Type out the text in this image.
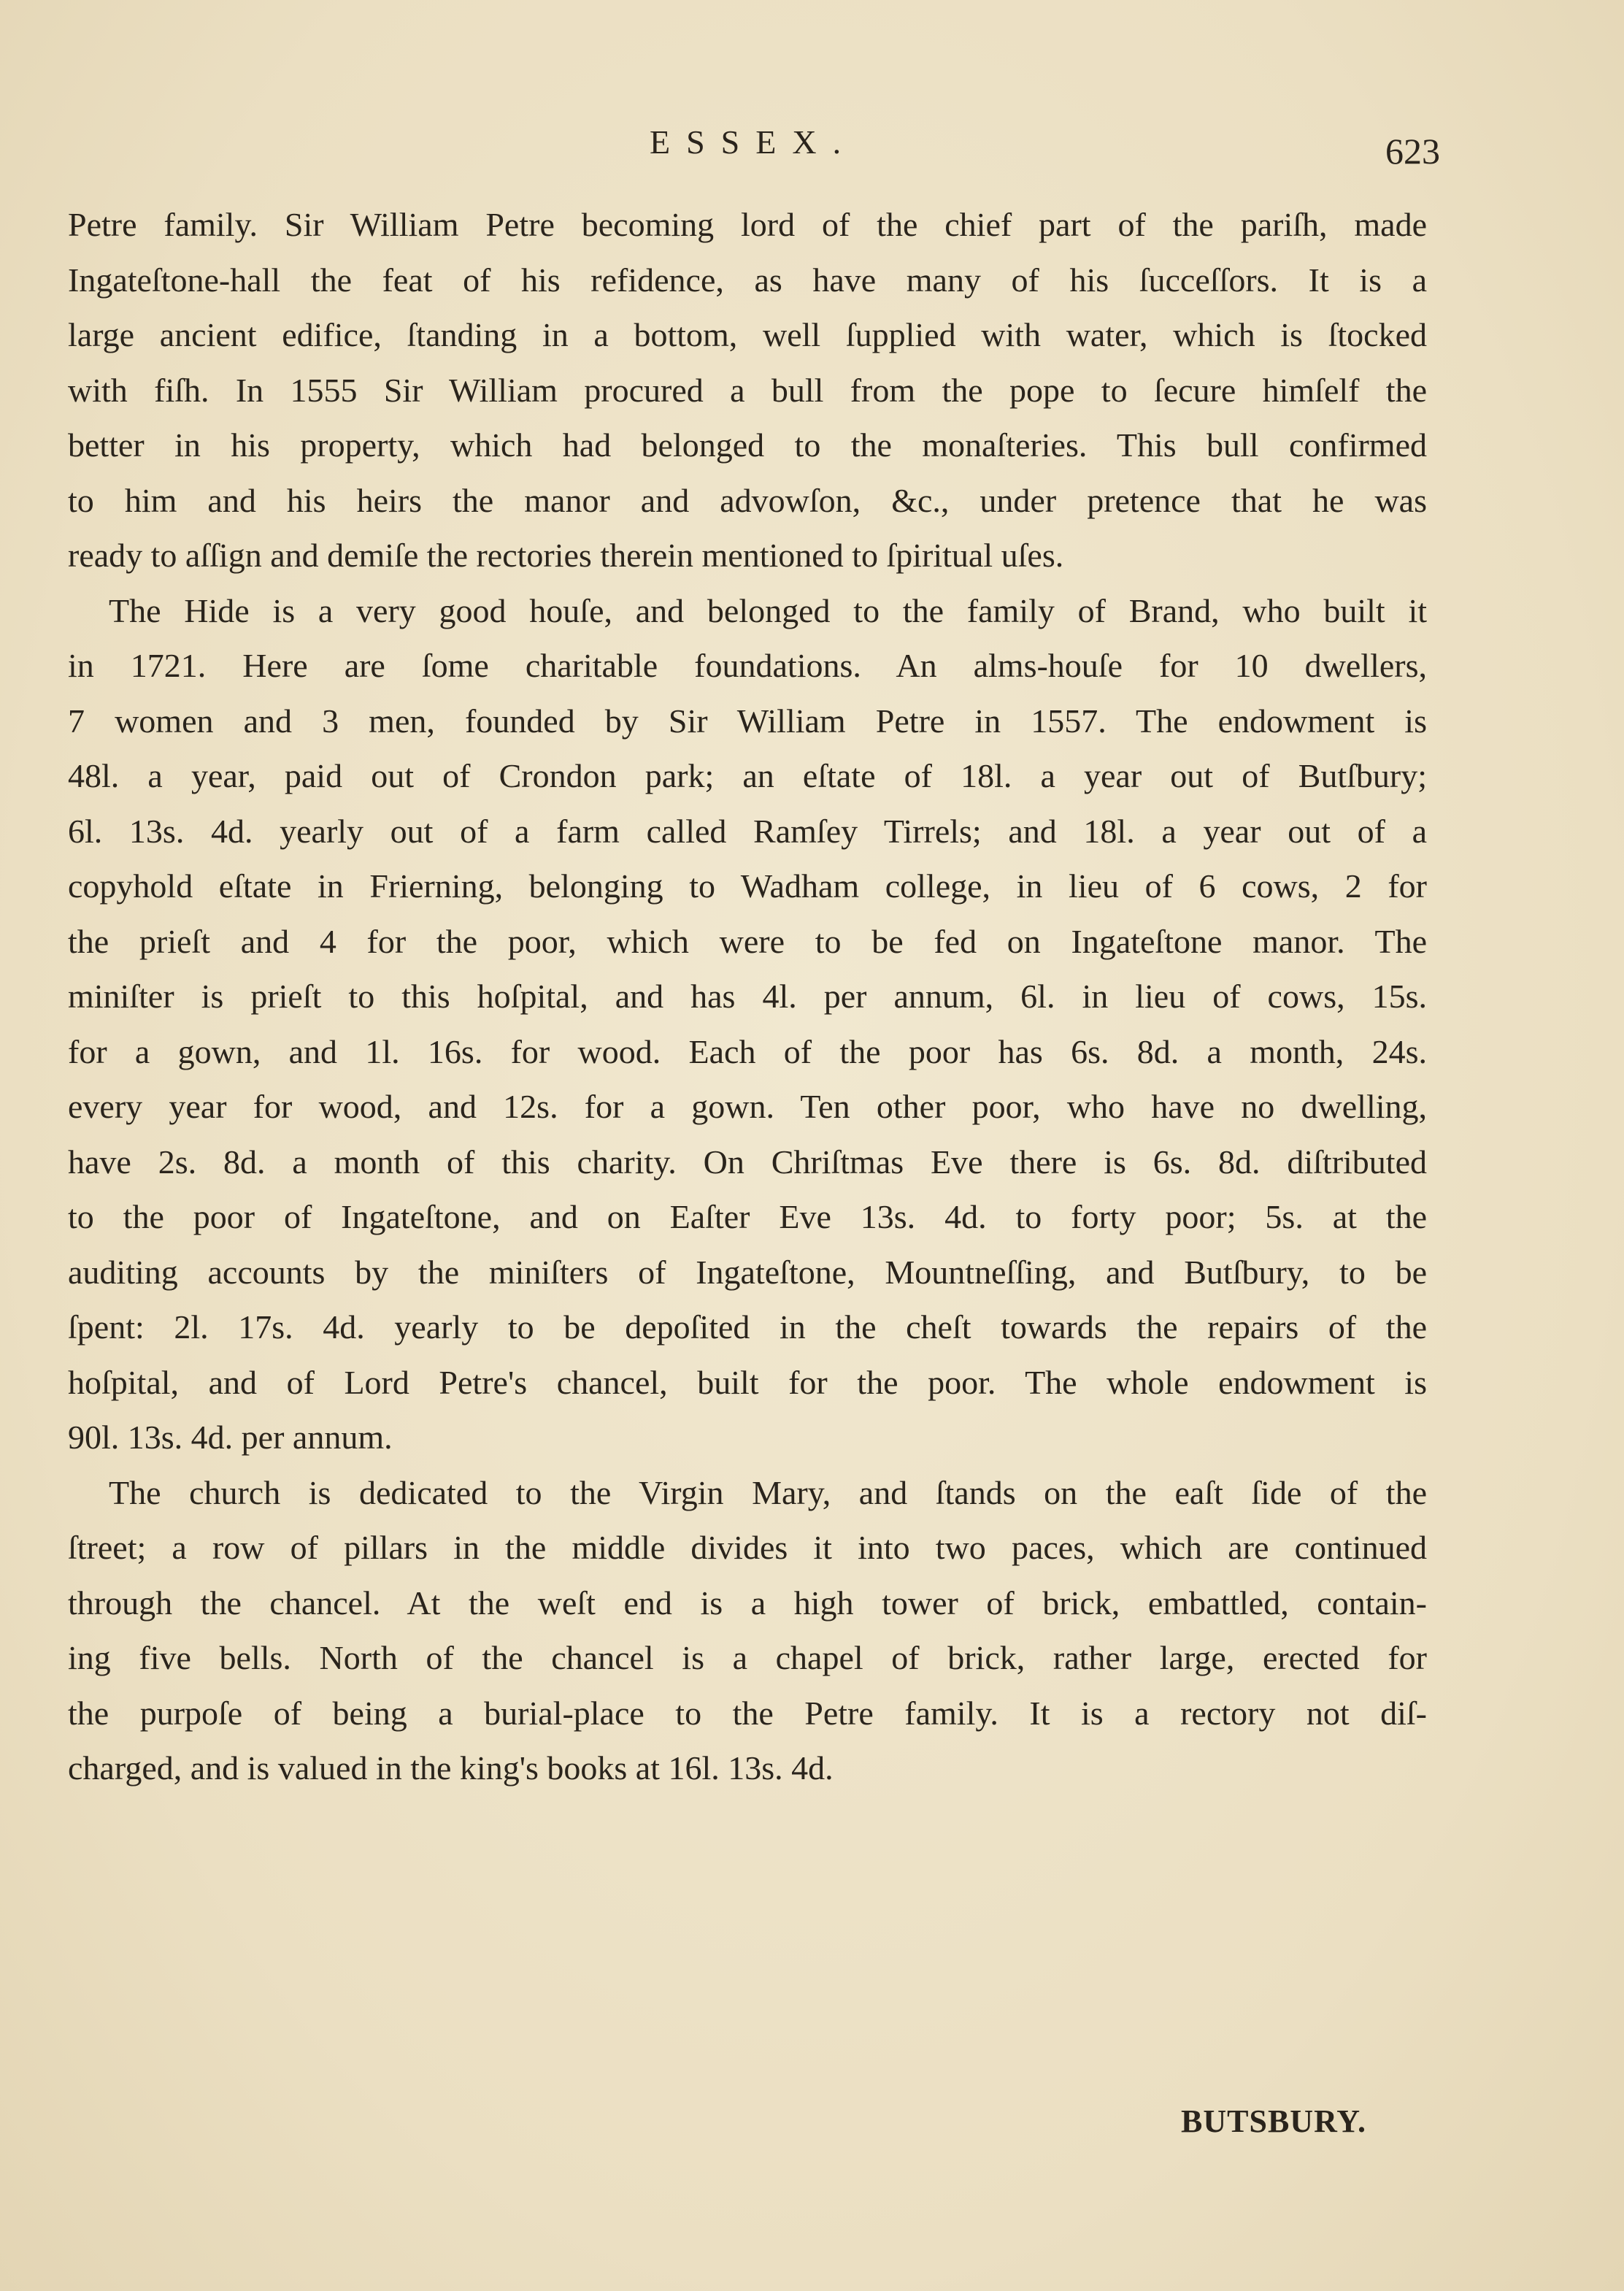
ESSEX.	623
Petre family. Sir William Petre becoming lord of the chief part of the pariſh, made
Ingateſtone-hall the feat of his refidence, as have many of his ſucceſſors. It is a
large ancient edifice, ſtanding in a bottom, well ſupplied with water, which is ſtocked
with fiſh. In 1555 Sir William procured a bull from the pope to ſecure himſelf the
better in his property, which had belonged to the monaſteries. This bull confirmed
to him and his heirs the manor and advowſon, &c., under pretence that he was
ready to aſſign and demiſe the rectories therein mentioned to ſpiritual uſes.
The Hide is a very good houſe, and belonged to the family of Brand, who built it
in 1721. Here are ſome charitable foundations. An alms-houſe for 10 dwellers,
7 women and 3 men, founded by Sir William Petre in 1557. The endowment is
48l. a year, paid out of Crondon park; an eſtate of 18l. a year out of Butſbury;
6l. 13s. 4d. yearly out of a farm called Ramſey Tirrels; and 18l. a year out of a
copyhold eſtate in Frierning, belonging to Wadham college, in lieu of 6 cows, 2 for
the prieſt and 4 for the poor, which were to be fed on Ingateſtone manor. The
miniſter is prieſt to this hoſpital, and has 4l. per annum, 6l. in lieu of cows, 15s.
for a gown, and 1l. 16s. for wood. Each of the poor has 6s. 8d. a month, 24s.
every year for wood, and 12s. for a gown. Ten other poor, who have no dwelling,
have 2s. 8d. a month of this charity. On Chriſtmas Eve there is 6s. 8d. diſtributed
to the poor of Ingateſtone, and on Eaſter Eve 13s. 4d. to forty poor; 5s. at the
auditing accounts by the miniſters of Ingateſtone, Mountneſſing, and Butſbury, to be
ſpent: 2l. 17s. 4d. yearly to be depoſited in the cheſt towards the repairs of the
hoſpital, and of Lord Petre's chancel, built for the poor. The whole endowment is
90l. 13s. 4d. per annum.
The church is dedicated to the Virgin Mary, and ſtands on the eaſt ſide of the
ſtreet; a row of pillars in the middle divides it into two paces, which are continued
through the chancel. At the weſt end is a high tower of brick, embattled, contain-
ing five bells. North of the chancel is a chapel of brick, rather large, erected for
the purpoſe of being a burial-place to the Petre family. It is a rectory not diſ-
charged, and is valued in the king's books at 16l. 13s. 4d.
BUTSBURY.
